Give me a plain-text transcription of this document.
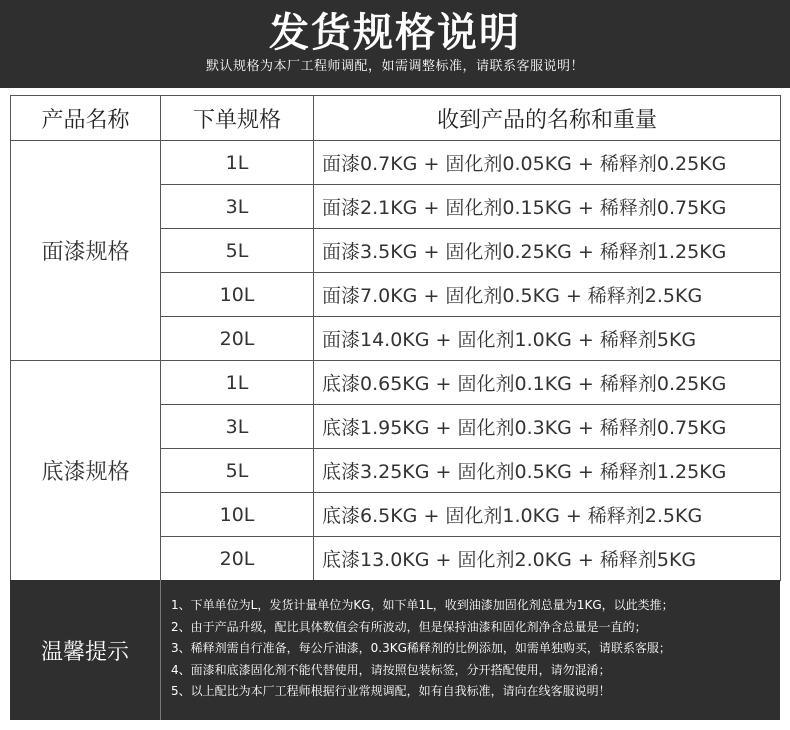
发货规格说明
默认规格为本厂工程师调配，如需调整标准，请联系客服说明！
产品名称	下单规格	收到产品的名称和重量
面漆规格	1L	面漆0.7KG + 固化剂0.05KG + 稀释剂0.25KG
	3L	面漆2.1KG + 固化剂0.15KG + 稀释剂0.75KG
	5L	面漆3.5KG + 固化剂0.25KG + 稀释剂1.25KG
	10L	面漆7.0KG + 固化剂0.5KG + 稀释剂2.5KG
	20L	面漆14.0KG + 固化剂1.0KG + 稀释剂5KG
底漆规格	1L	底漆0.65KG + 固化剂0.1KG + 稀释剂0.25KG
	3L	底漆1.95KG + 固化剂0.3KG + 稀释剂0.75KG
	5L	底漆3.25KG + 固化剂0.5KG + 稀释剂1.25KG
	10L	底漆6.5KG + 固化剂1.0KG + 稀释剂2.5KG
	20L	底漆13.0KG + 固化剂2.0KG + 稀释剂5KG
温馨提示
1、下单单位为L，发货计量单位为KG，如下单1L，收到油漆加固化剂总量为1KG，以此类推；
2、由于产品升级，配比具体数值会有所波动，但是保持油漆和固化剂净含总量是一直的；
3、稀释剂需自行准备，每公斤油漆，0.3KG稀释剂的比例添加，如需单独购买，请联系客服；
4、面漆和底漆固化剂不能代替使用，请按照包装标签，分开搭配使用，请勿混淆；
5、以上配比为本厂工程师根据行业常规调配，如有自我标准，请向在线客服说明！
